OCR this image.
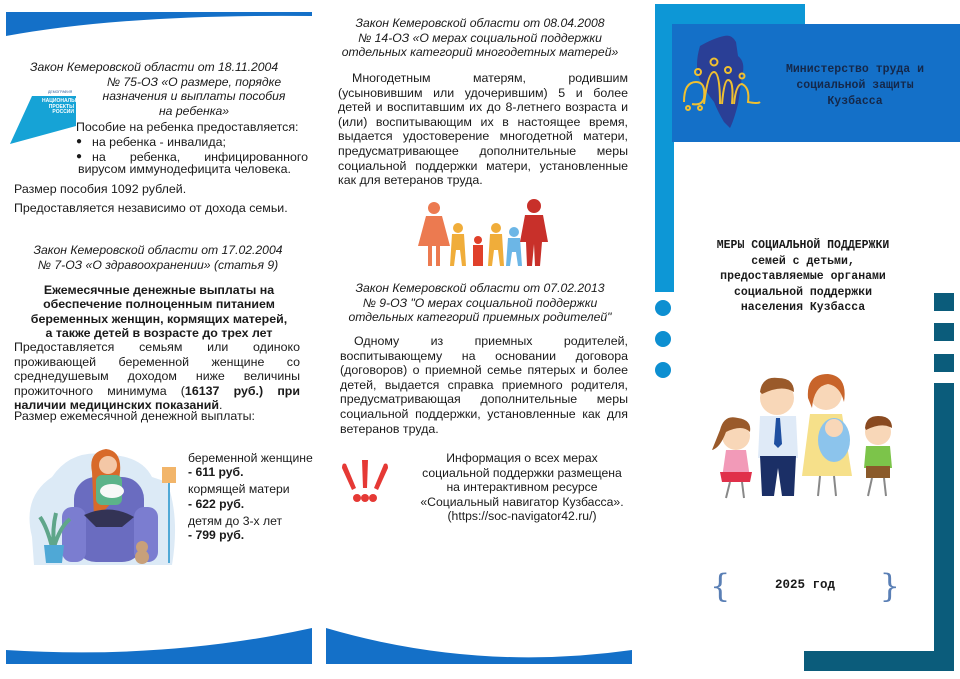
ДЕМОГРАФИЯ
НАЦИОНАЛЬНЫЕ
ПРОЕКТЫ
РОССИИ
Закон Кемеровской области от 18.11.2004
№ 75-ОЗ «О размере, порядке
назначения и выплаты пособия
на ребенка»
Пособие на ребенка предоставляется:
● на ребенка - инвалида;
● на ребенка, инфицированного
вирусом иммунодефицита человека.
Размер пособия 1092 рублей.
Предоставляется независимо от дохода семьи.
Закон Кемеровской области от 17.02.2004
№ 7-ОЗ «О здравоохранении» (статья 9)
Ежемесячные денежные выплаты на
обеспечение полноценным питанием
беременных женщин, кормящих матерей,
а также детей в возрасте до трех лет
Предоставляется семьям или одиноко проживающей беременной женщине со среднедушевым доходом ниже величины прожиточного минимума (16137 руб.) при наличии медицинских показаний.
Размер ежемесячной денежной выплаты:
беременной женщине
- 611 руб.
кормящей матери
- 622 руб.
детям до 3-х лет
- 799 руб.
Закон Кемеровской области от 08.04.2008
№ 14-ОЗ «О мерах социальной поддержки
отдельных категорий многодетных матерей»
Многодетным матерям, родившим (усыновившим или удочерившим) 5 и более детей и воспитавшим их до 8-летнего возраста и (или) воспитывающим их в настоящее время, выдается удостоверение многодетной матери, предусматривающее дополнительные меры социальной поддержки матери, установленные как для ветеранов труда.
Закон Кемеровской области от 07.02.2013
№ 9-ОЗ "О мерах социальной поддержки
отдельных категорий приемных родителей"
Одному из приемных родителей, воспитывающему на основании договора (договоров) о приемной семье пятерых и более детей, выдается справка приемного родителя, предусматривающая дополнительные меры социальной поддержки, установленные как для ветеранов труда.
Информация о всех мерах
социальной поддержки размещена
на интерактивном ресурсе
«Социальный навигатор Кузбасса».
(https://soc-navigator42.ru/)
Министерство труда и
социальной защиты
Кузбасса
МЕРЫ СОЦИАЛЬНОЙ ПОДДЕРЖКИ
семей с детьми,
предоставляемые органами
социальной поддержки
населения Кузбасса
{	2025 год	}
